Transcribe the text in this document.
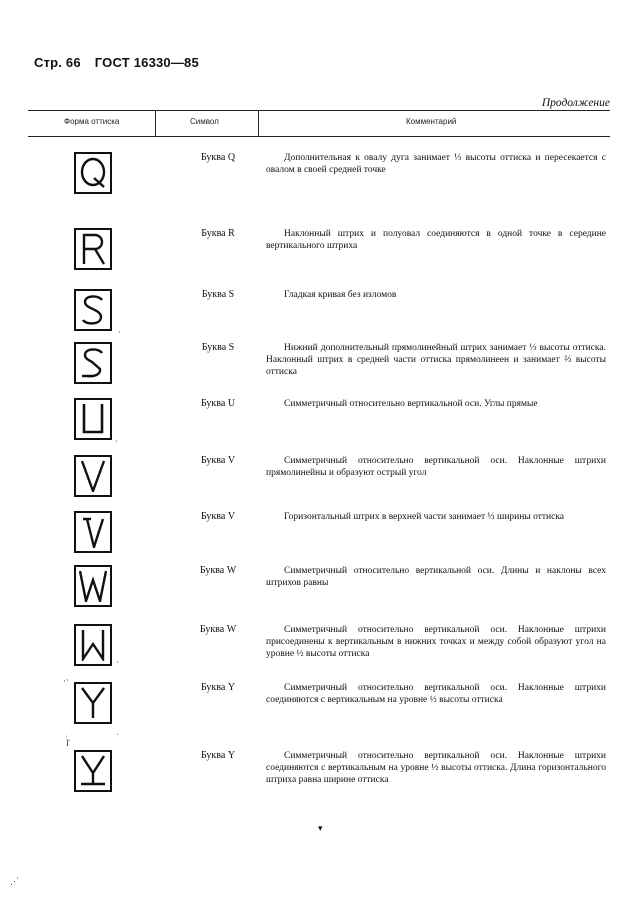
Стр. 66 ГОСТ 16330—85
Продолжение
Форма оттиска	Символ	Комментарий
Буква Q	Дополнительная к овалу дуга занимает ⅓ высоты оттиска и пересекается с овалом в своей средней точке
Буква R	Наклонный штрих и полуовал соединяются в одной точке в середине вертикального штриха
Буква S	Гладкая кривая без изломов
ˏ
Буква S	Нижний дополнительный прямолинейный штрих занимает ⅓ высоты оттиска. Наклонный штрих в средней части оттиска прямолинеен и занимает ⅔ высоты оттиска
Буква U	Симметричный относительно вертикальной оси. Углы прямые
ˏ
Буква V	Симметричный относительно вертикальной оси. Наклонные штрихи прямолинейны и образуют острый угол
Буква V	Горизонтальный штрих в верхней части занимает ⅓ ширины оттиска
Буква W	Симметричный относительно вертикальной оси. Длины и наклоны всех штрихов равны
Буква W	Симметричный относительно вертикальной оси. Наклонные штрихи присоединены к вертикальным в нижних точках и между собой образуют угол на уровне ½ высоты оттиска
ˏ
ˊ
Буква Y	Симметричный относительно вертикальной оси. Наклонные штрихи соединяются с вертикальным на уровне ½ высоты оттиска
·
ˌ	ˌ
Буква Y	Симметричный относительно вертикальной оси. Наклонные штрихи соединяются с вертикальным на уровне ½ высоты оттиска. Длина горизонтального штриха равна ширине оттиска
ľ
▾
⋰
